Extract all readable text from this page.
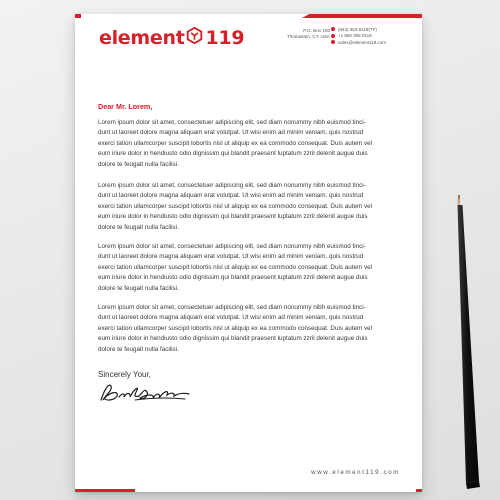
element 119	P.O. Box 100
Thomaston, CT, USA
(844) 353-6119(TF)
+1 860 358 0119
sales@element119.com
Dear Mr. Lorem,

Lorem ipsum dolor sit amet, consectetuer adipiscing elit, sed diam nonummy nibh euismod tinci-
dunt ut laoreet dolore magna aliquam erat volutpat. Ut wisi enim ad minim veniam, quis nostrud
exerci tation ullamcorper suscipit lobortis nisl ut aliquip ex ea commodo consequat. Duis autem vel
eum iriure dolor in hendiusto odio dignissim qui blandit praesent luptatum zzril delenit augue duis
dolore te feugait nulla facilisi.

Lorem ipsum dolor sit amet, consectetuer adipiscing elit, sed diam nonummy nibh euismod tinci-
dunt ut laoreet dolore magna aliquam erat volutpat. Ut wisi enim ad minim veniam, quis nostrud
exerci tation ullamcorper suscipit lobortis nisl ut aliquip ex ea commodo consequat. Duis autem vel
eum iriure dolor in hendiusto odio dignissim qui blandit praesent luptatum zzril delenit augue duis
dolore te feugait nulla facilisi.

Lorem ipsum dolor sit amet, consectetuer adipiscing elit, sed diam nonummy nibh euismod tinci-
dunt ut laoreet dolore magna aliquam erat volutpat. Ut wisi enim ad minim veniam, quis nostrud
exerci tation ullamcorper suscipit lobortis nisl ut aliquip ex ea commodo consequat. Duis autem vel
eum iriure dolor in hendiusto odio dignissim qui blandit praesent luptatum zzril delenit augue duis
dolore te feugait nulla facilisi.

Lorem ipsum dolor sit amet, consectetuer adipiscing elit, sed diam nonummy nibh euismod tinci-
dunt ut laoreet dolore magna aliquam erat volutpat. Ut wisi enim ad minim veniam, quis nostrud
exerci tation ullamcorper suscipit lobortis nisl ut aliquip ex ea commodo consequat. Duis autem vel
eum iriure dolor in hendiusto odio dignissim qui blandit praesent luptatum zzril delenit augue duis
dolore te feugait nulla facilisi.

Sincerely Your,
www.element119.com
